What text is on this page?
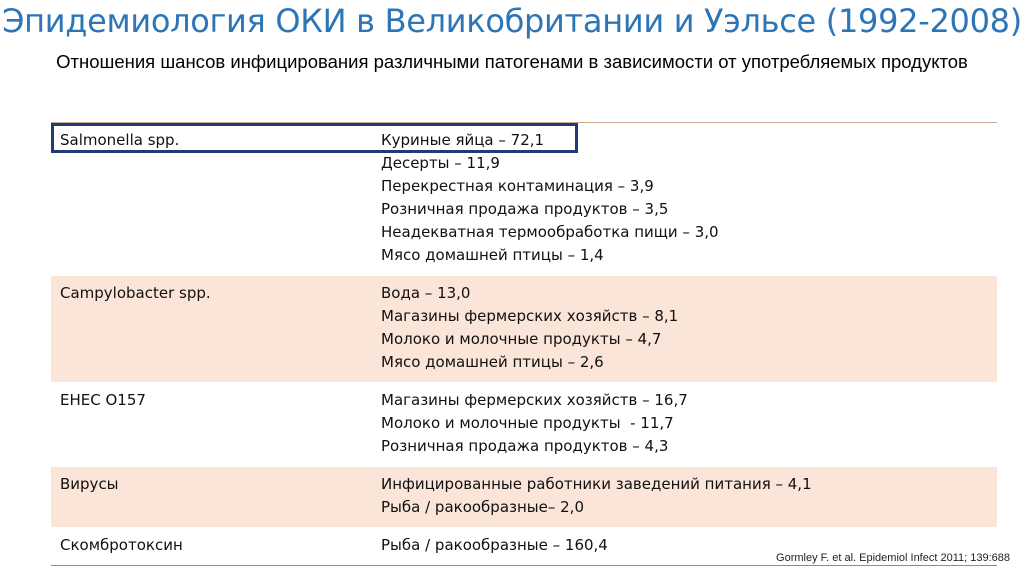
Эпидемиология ОКИ в Великобритании и Уэльсе (1992-2008)
Отношения шансов инфицирования различными патогенами в зависимости от употребляемых продуктов
Salmonella spp.	Куриные яйца – 72,1
Десерты – 11,9
Перекрестная контаминация – 3,9
Розничная продажа продуктов – 3,5
Неадекватная термообработка пищи – 3,0
Мясо домашней птицы – 1,4
Campylobacter spp.	Вода – 13,0
Магазины фермерских хозяйств – 8,1
Молоко и молочные продукты – 4,7
Мясо домашней птицы – 2,6
EHEC O157	Магазины фермерских хозяйств – 16,7
Молоко и молочные продукты  - 11,7
Розничная продажа продуктов – 4,3
Вирусы	Инфицированные работники заведений питания – 4,1
Рыба / ракообразные– 2,0
Скомбротоксин	Рыба / ракообразные – 160,4
Gormley F. et al. Epidemiol Infect 2011; 139:688
